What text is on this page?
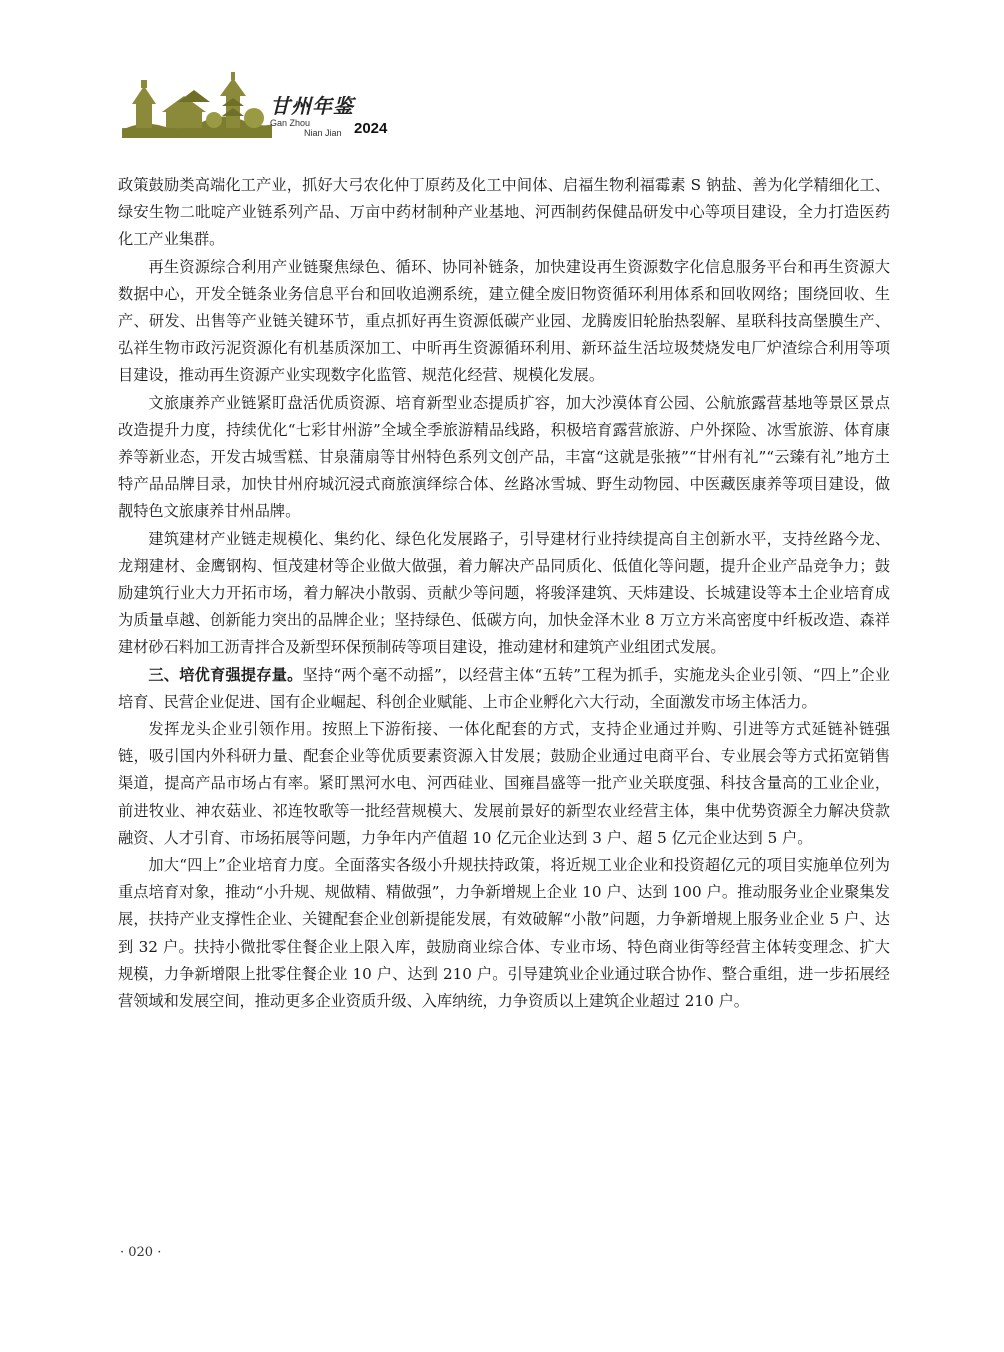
甘州年鉴
Gan Zhou
Nian Jian 2024

政策鼓励类高端化工产业，抓好大弓农化仲丁原药及化工中间体、启福生物利福霉素 S 钠盐、善为化学精细化工、绿安生物二吡啶产业链系列产品、万亩中药材制种产业基地、河西制药保健品研发中心等项目建设，全力打造医药化工产业集群。

再生资源综合利用产业链聚焦绿色、循环、协同补链条，加快建设再生资源数字化信息服务平台和再生资源大数据中心，开发全链条业务信息平台和回收追溯系统，建立健全废旧物资循环利用体系和回收网络；围绕回收、生产、研发、出售等产业链关键环节，重点抓好再生资源低碳产业园、龙腾废旧轮胎热裂解、星联科技高堡膜生产、弘祥生物市政污泥资源化有机基质深加工、中昕再生资源循环利用、新环益生活垃圾焚烧发电厂炉渣综合利用等项目建设，推动再生资源产业实现数字化监管、规范化经营、规模化发展。

文旅康养产业链紧盯盘活优质资源、培育新型业态提质扩容，加大沙漠体育公园、公航旅露营基地等景区景点改造提升力度，持续优化“七彩甘州游”全域全季旅游精品线路，积极培育露营旅游、户外探险、冰雪旅游、体育康养等新业态，开发古城雪糕、甘泉蒲扇等甘州特色系列文创产品，丰富“这就是张掖”“甘州有礼”“云臻有礼”地方土特产品品牌目录，加快甘州府城沉浸式商旅演绎综合体、丝路冰雪城、野生动物园、中医藏医康养等项目建设，做靓特色文旅康养甘州品牌。

建筑建材产业链走规模化、集约化、绿色化发展路子，引导建材行业持续提高自主创新水平，支持丝路今龙、龙翔建材、金鹰钢构、恒茂建材等企业做大做强，着力解决产品同质化、低值化等问题，提升企业产品竞争力；鼓励建筑行业大力开拓市场，着力解决小散弱、贡献少等问题，将骏泽建筑、天炜建设、长城建设等本土企业培育成为质量卓越、创新能力突出的品牌企业；坚持绿色、低碳方向，加快金泽木业 8 万立方米高密度中纤板改造、森祥建材砂石料加工沥青拌合及新型环保预制砖等项目建设，推动建材和建筑产业组团式发展。

三、培优育强提存量。坚持“两个毫不动摇”，以经营主体“五转”工程为抓手，实施龙头企业引领、“四上”企业培育、民营企业促进、国有企业崛起、科创企业赋能、上市企业孵化六大行动，全面激发市场主体活力。

发挥龙头企业引领作用。按照上下游衔接、一体化配套的方式，支持企业通过并购、引进等方式延链补链强链，吸引国内外科研力量、配套企业等优质要素资源入甘发展；鼓励企业通过电商平台、专业展会等方式拓宽销售渠道，提高产品市场占有率。紧盯黑河水电、河西硅业、国雍昌盛等一批产业关联度强、科技含量高的工业企业，前进牧业、神农菇业、祁连牧歌等一批经营规模大、发展前景好的新型农业经营主体，集中优势资源全力解决贷款融资、人才引育、市场拓展等问题，力争年内产值超 10 亿元企业达到 3 户、超 5 亿元企业达到 5 户。

加大“四上”企业培育力度。全面落实各级小升规扶持政策，将近规工业企业和投资超亿元的项目实施单位列为重点培育对象，推动“小升规、规做精、精做强”，力争新增规上企业 10 户、达到 100 户。推动服务业企业聚集发展，扶持产业支撑性企业、关键配套企业创新提能发展，有效破解“小散”问题，力争新增规上服务业企业 5 户、达到 32 户。扶持小微批零住餐企业上限入库，鼓励商业综合体、专业市场、特色商业街等经营主体转变理念、扩大规模，力争新增限上批零住餐企业 10 户、达到 210 户。引导建筑业企业通过联合协作、整合重组，进一步拓展经营领域和发展空间，推动更多企业资质升级、入库纳统，力争资质以上建筑企业超过 210 户。

· 020 ·
